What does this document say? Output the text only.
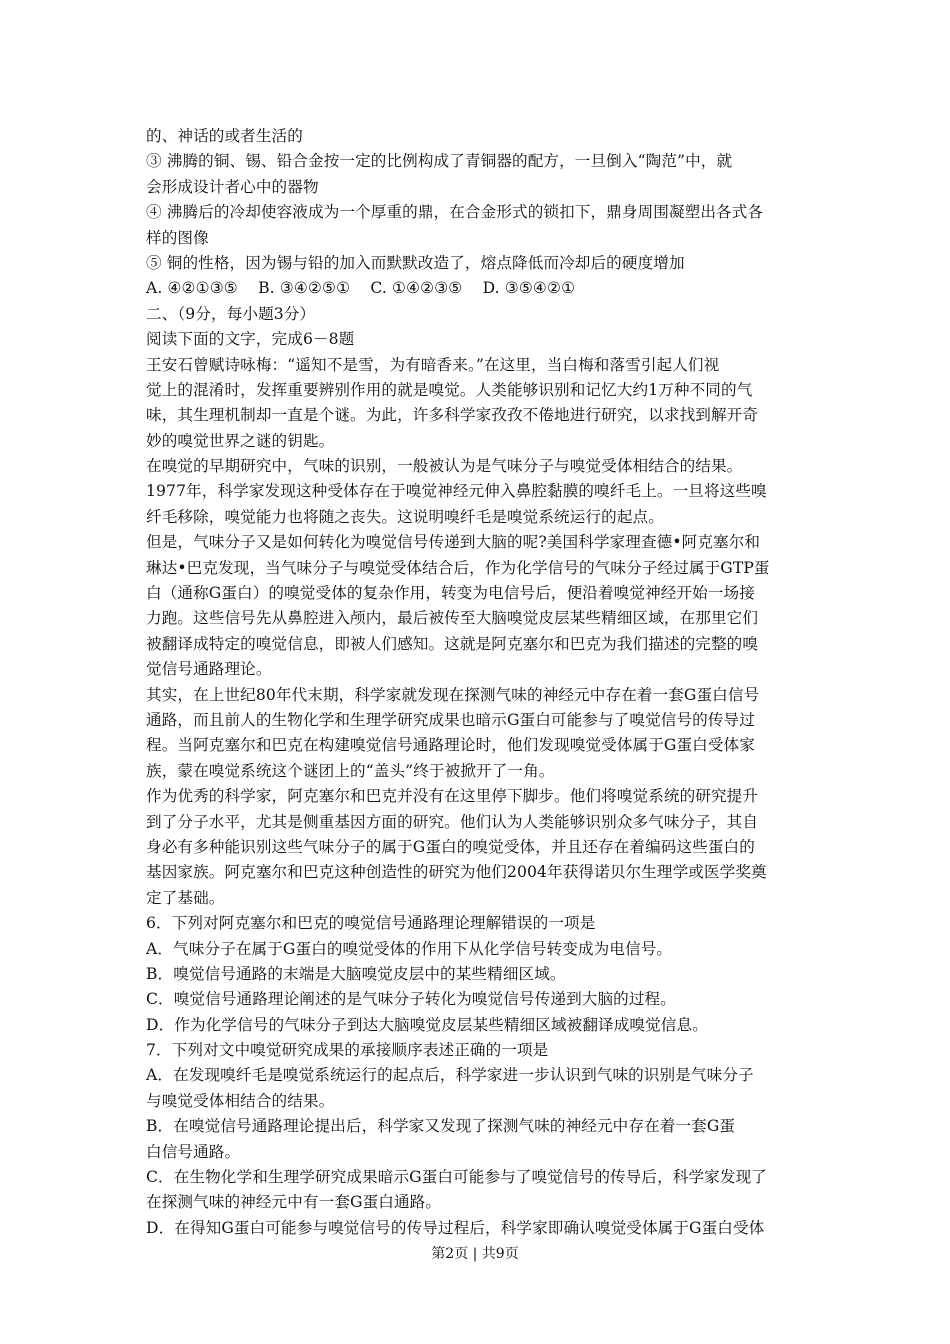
的、神话的或者生活的
③ 沸腾的铜、锡、铅合金按一定的比例构成了青铜器的配方，一旦倒入“陶范”中，就
会形成设计者心中的器物
④ 沸腾后的冷却使容液成为一个厚重的鼎，在合金形式的锁扣下，鼎身周围凝塑出各式各
样的图像
⑤ 铜的性格，因为锡与铅的加入而默默改造了，熔点降低而冷却后的硬度增加
A. ④②①③⑤    B. ③④②⑤①    C. ①④②③⑤    D. ③⑤④②①
二、（9分，每小题3分）
阅读下面的文字，完成6－8题
王安石曾赋诗咏梅：“遥知不是雪，为有暗香来。”在这里，当白梅和落雪引起人们视
觉上的混淆时，发挥重要辨别作用的就是嗅觉。人类能够识别和记忆大约1万种不同的气
味，其生理机制却一直是个谜。为此，许多科学家孜孜不倦地进行研究，以求找到解开奇
妙的嗅觉世界之谜的钥匙。
在嗅觉的早期研究中，气味的识别，一般被认为是气味分子与嗅觉受体相结合的结果。
1977年，科学家发现这种受体存在于嗅觉神经元伸入鼻腔黏膜的嗅纤毛上。一旦将这些嗅
纤毛移除，嗅觉能力也将随之丧失。这说明嗅纤毛是嗅觉系统运行的起点。
但是，气味分子又是如何转化为嗅觉信号传递到大脑的呢?美国科学家理查德•阿克塞尔和
琳达•巴克发现，当气味分子与嗅觉受体结合后，作为化学信号的气味分子经过属于GTP蛋
白（通称G蛋白）的嗅觉受体的复杂作用，转变为电信号后，便沿着嗅觉神经开始一场接
力跑。这些信号先从鼻腔进入颅内，最后被传至大脑嗅觉皮层某些精细区域，在那里它们
被翻译成特定的嗅觉信息，即被人们感知。这就是阿克塞尔和巴克为我们描述的完整的嗅
觉信号通路理论。
其实，在上世纪80年代末期，科学家就发现在探测气味的神经元中存在着一套G蛋白信号
通路，而且前人的生物化学和生理学研究成果也暗示G蛋白可能参与了嗅觉信号的传导过
程。当阿克塞尔和巴克在构建嗅觉信号通路理论时，他们发现嗅觉受体属于G蛋白受体家
族，蒙在嗅觉系统这个谜团上的“盖头”终于被掀开了一角。
作为优秀的科学家，阿克塞尔和巴克并没有在这里停下脚步。他们将嗅觉系统的研究提升
到了分子水平，尤其是侧重基因方面的研究。他们认为人类能够识别众多气味分子，其自
身必有多种能识别这些气味分子的属于G蛋白的嗅觉受体，并且还存在着编码这些蛋白的
基因家族。阿克塞尔和巴克这种创造性的研究为他们2004年获得诺贝尔生理学或医学奖奠
定了基础。
6．下列对阿克塞尔和巴克的嗅觉信号通路理论理解错误的一项是
A．气味分子在属于G蛋白的嗅觉受体的作用下从化学信号转变成为电信号。
B．嗅觉信号通路的末端是大脑嗅觉皮层中的某些精细区域。
C．嗅觉信号通路理论阐述的是气味分子转化为嗅觉信号传递到大脑的过程。
D．作为化学信号的气味分子到达大脑嗅觉皮层某些精细区域被翻译成嗅觉信息。
7．下列对文中嗅觉研究成果的承接顺序表述正确的一项是
A．在发现嗅纤毛是嗅觉系统运行的起点后，科学家进一步认识到气味的识别是气味分子
与嗅觉受体相结合的结果。
B．在嗅觉信号通路理论提出后，科学家又发现了探测气味的神经元中存在着一套G蛋
白信号通路。
C．在生物化学和生理学研究成果暗示G蛋白可能参与了嗅觉信号的传导后，科学家发现了
在探测气味的神经元中有一套G蛋白通路。
D．在得知G蛋白可能参与嗅觉信号的传导过程后，科学家即确认嗅觉受体属于G蛋白受体
第2页 | 共9页
